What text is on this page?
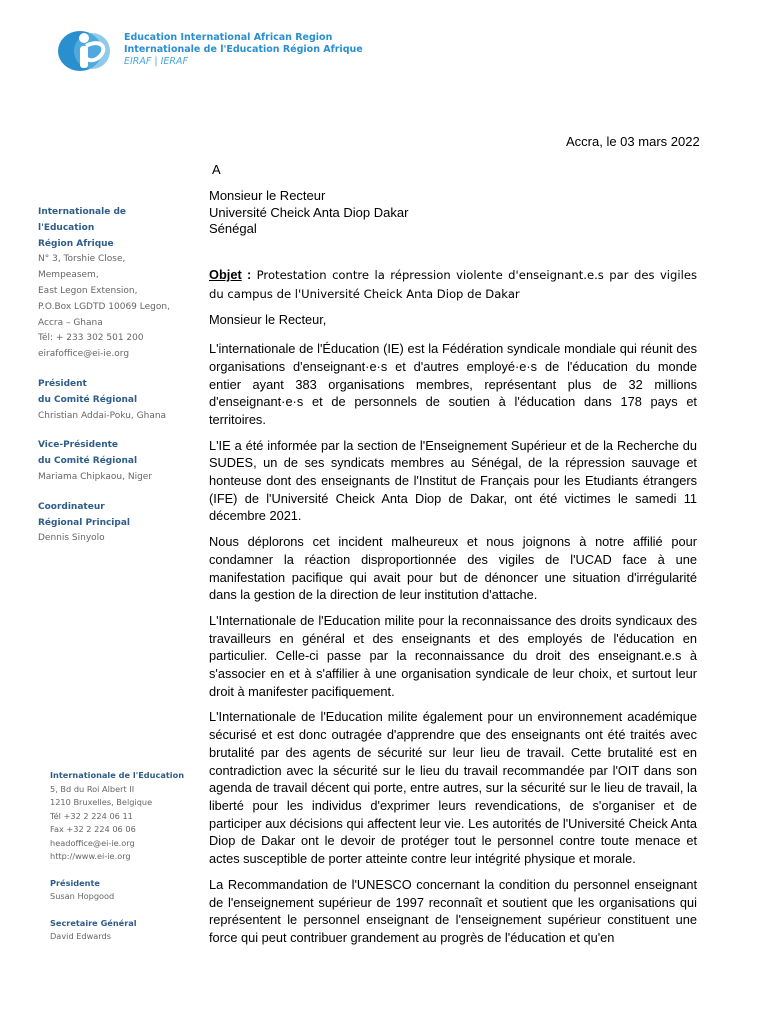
Education International African Region
Internationale de l'Education Région Afrique
EIRAF | IERAF
Accra, le 03 mars 2022
A
Monsieur le Recteur
Université Cheick Anta Diop Dakar
Sénégal
Internationale de
l'Education
Région Afrique
N° 3, Torshie Close,
Mempeasem,
East Legon Extension,
P.O.Box LGDTD 10069 Legon,
Accra – Ghana
Tél: + 233 302 501 200
eirafoffice@ei-ie.org
Président
du Comité Régional
Christian Addai-Poku, Ghana
Vice-Présidente
du Comité Régional
Mariama Chipkaou, Niger
Coordinateur
Régional Principal
Dennis Sinyolo
Internationale de l'Education
5, Bd du Roi Albert II
1210 Bruxelles, Belgique
Tél +32 2 224 06 11
Fax +32 2 224 06 06
headoffice@ei-ie.org
http://www.ei-ie.org
Présidente
Susan Hopgood
Secretaire Général
David Edwards

Objet : Protestation contre la répression violente d'enseignant.e.s par des vigiles du campus de l'Université Cheick Anta Diop de Dakar

Monsieur le Recteur,

L'internationale de l'Éducation (IE) est la Fédération syndicale mondiale qui réunit des organisations d'enseignant·e·s et d'autres employé·e·s de l'éducation du monde entier ayant 383 organisations membres, représentant plus de 32 millions d'enseignant·e·s et de personnels de soutien à l'éducation dans 178 pays et territoires.

L'IE a été informée par la section de l'Enseignement Supérieur et de la Recherche du SUDES, un de ses syndicats membres au Sénégal, de la répression sauvage et honteuse dont des enseignants de l'Institut de Français pour les Etudiants étrangers (IFE) de l'Université Cheick Anta Diop de Dakar, ont été victimes le samedi 11 décembre 2021.

Nous déplorons cet incident malheureux et nous joignons à notre affilié pour condamner la réaction disproportionnée des vigiles de l'UCAD face à une manifestation pacifique qui avait pour but de dénoncer une situation d'irrégularité dans la gestion de la direction de leur institution d'attache.

L'Internationale de l'Education milite pour la reconnaissance des droits syndicaux des travailleurs en général et des enseignants et des employés de l'éducation en particulier. Celle-ci passe par la reconnaissance du droit des enseignant.e.s à s'associer en et à s'affilier à une organisation syndicale de leur choix, et surtout leur droit à manifester pacifiquement.

L'Internationale de l'Education milite également pour un environnement académique sécurisé et est donc outragée d'apprendre que des enseignants ont été traités avec brutalité par des agents de sécurité sur leur lieu de travail. Cette brutalité est en contradiction avec la sécurité sur le lieu du travail recommandée par l'OIT dans son agenda de travail décent qui porte, entre autres, sur la sécurité sur le lieu de travail, la liberté pour les individus d'exprimer leurs revendications, de s'organiser et de participer aux décisions qui affectent leur vie. Les autorités de l'Université Cheick Anta Diop de Dakar ont le devoir de protéger tout le personnel contre toute menace et actes susceptible de porter atteinte contre leur intégrité physique et morale.

La Recommandation de l'UNESCO concernant la condition du personnel enseignant de l'enseignement supérieur de 1997 reconnaît et soutient que les organisations qui représentent le personnel enseignant de l'enseignement supérieur constituent une force qui peut contribuer grandement au progrès de l'éducation et qu'en
